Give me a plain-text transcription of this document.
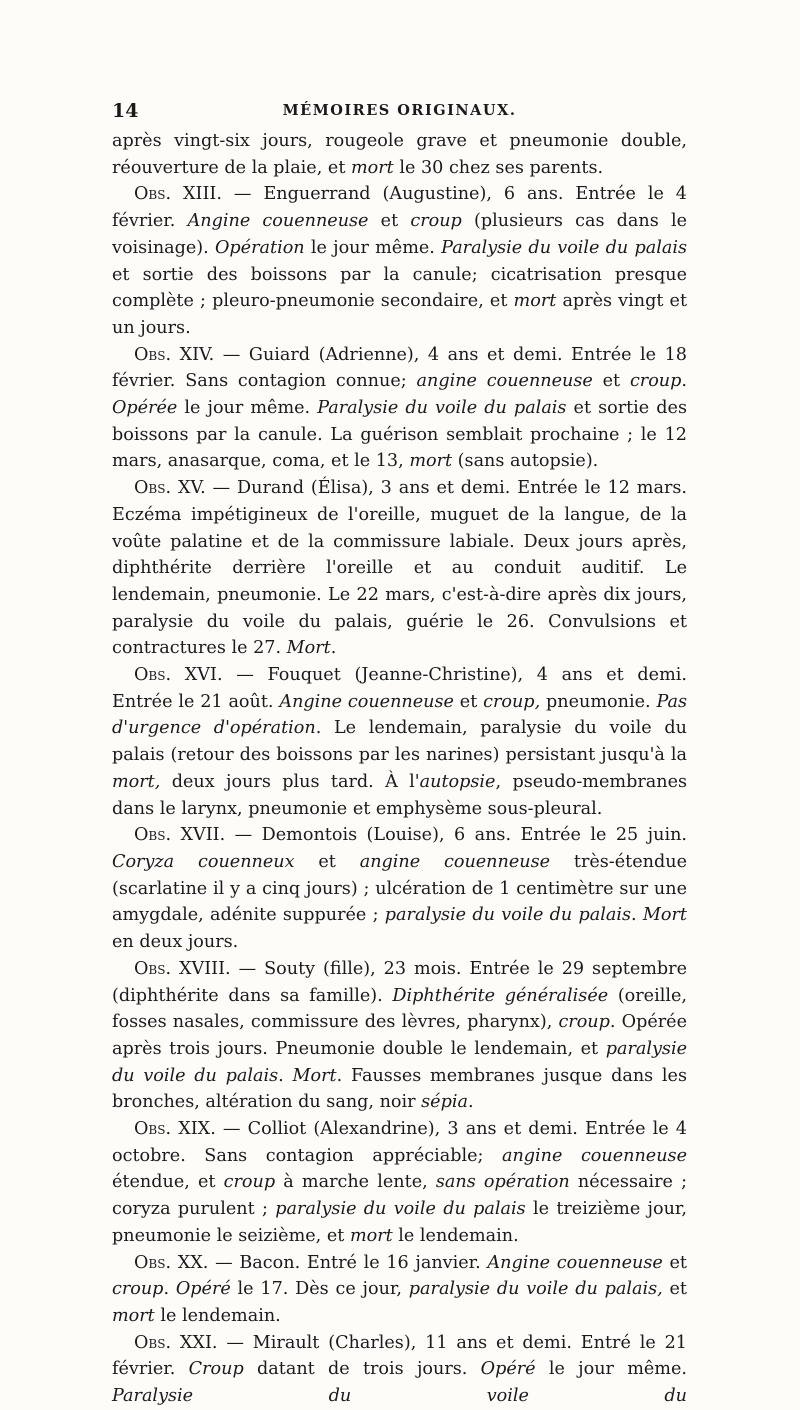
14	MÉMOIRES ORIGINAUX.

après vingt-six jours, rougeole grave et pneumonie double, réouverture de la plaie, et mort le 30 chez ses parents.

Obs. XIII. — Enguerrand (Augustine), 6 ans. Entrée le 4 février. Angine couenneuse et croup (plusieurs cas dans le voisinage). Opération le jour même. Paralysie du voile du palais et sortie des boissons par la canule; cicatrisation presque complète ; pleuro-pneumonie secondaire, et mort après vingt et un jours.

Obs. XIV. — Guiard (Adrienne), 4 ans et demi. Entrée le 18 février. Sans contagion connue; angine couenneuse et croup. Opérée le jour même. Paralysie du voile du palais et sortie des boissons par la canule. La guérison semblait prochaine ; le 12 mars, anasarque, coma, et le 13, mort (sans autopsie).

Obs. XV. — Durand (Élisa), 3 ans et demi. Entrée le 12 mars. Eczéma impétigineux de l'oreille, muguet de la langue, de la voûte palatine et de la commissure labiale. Deux jours après, diphthérite derrière l'oreille et au conduit auditif. Le lendemain, pneumonie. Le 22 mars, c'est-à-dire après dix jours, paralysie du voile du palais, guérie le 26. Convulsions et contractures le 27. Mort.

Obs. XVI. — Fouquet (Jeanne-Christine), 4 ans et demi. Entrée le 21 août. Angine couenneuse et croup, pneumonie. Pas d'urgence d'opération. Le lendemain, paralysie du voile du palais (retour des boissons par les narines) persistant jusqu'à la mort, deux jours plus tard. À l'autopsie, pseudo-membranes dans le larynx, pneumonie et emphysème sous-pleural.

Obs. XVII. — Demontois (Louise), 6 ans. Entrée le 25 juin. Coryza couenneux et angine couenneuse très-étendue (scarlatine il y a cinq jours) ; ulcération de 1 centimètre sur une amygdale, adénite suppurée ; paralysie du voile du palais. Mort en deux jours.

Obs. XVIII. — Souty (fille), 23 mois. Entrée le 29 septembre (diphthérite dans sa famille). Diphthérite généralisée (oreille, fosses nasales, commissure des lèvres, pharynx), croup. Opérée après trois jours. Pneumonie double le lendemain, et paralysie du voile du palais. Mort. Fausses membranes jusque dans les bronches, altération du sang, noir sépia.

Obs. XIX. — Colliot (Alexandrine), 3 ans et demi. Entrée le 4 octobre. Sans contagion appréciable; angine couenneuse étendue, et croup à marche lente, sans opération nécessaire ; coryza purulent ; paralysie du voile du palais le treizième jour, pneumonie le seizième, et mort le lendemain.

Obs. XX. — Bacon. Entré le 16 janvier. Angine couenneuse et croup. Opéré le 17. Dès ce jour, paralysie du voile du palais, et mort le lendemain.

Obs. XXI. — Mirault (Charles), 11 ans et demi. Entré le 21 février. Croup datant de trois jours. Opéré le jour même. Paralysie du voile du
